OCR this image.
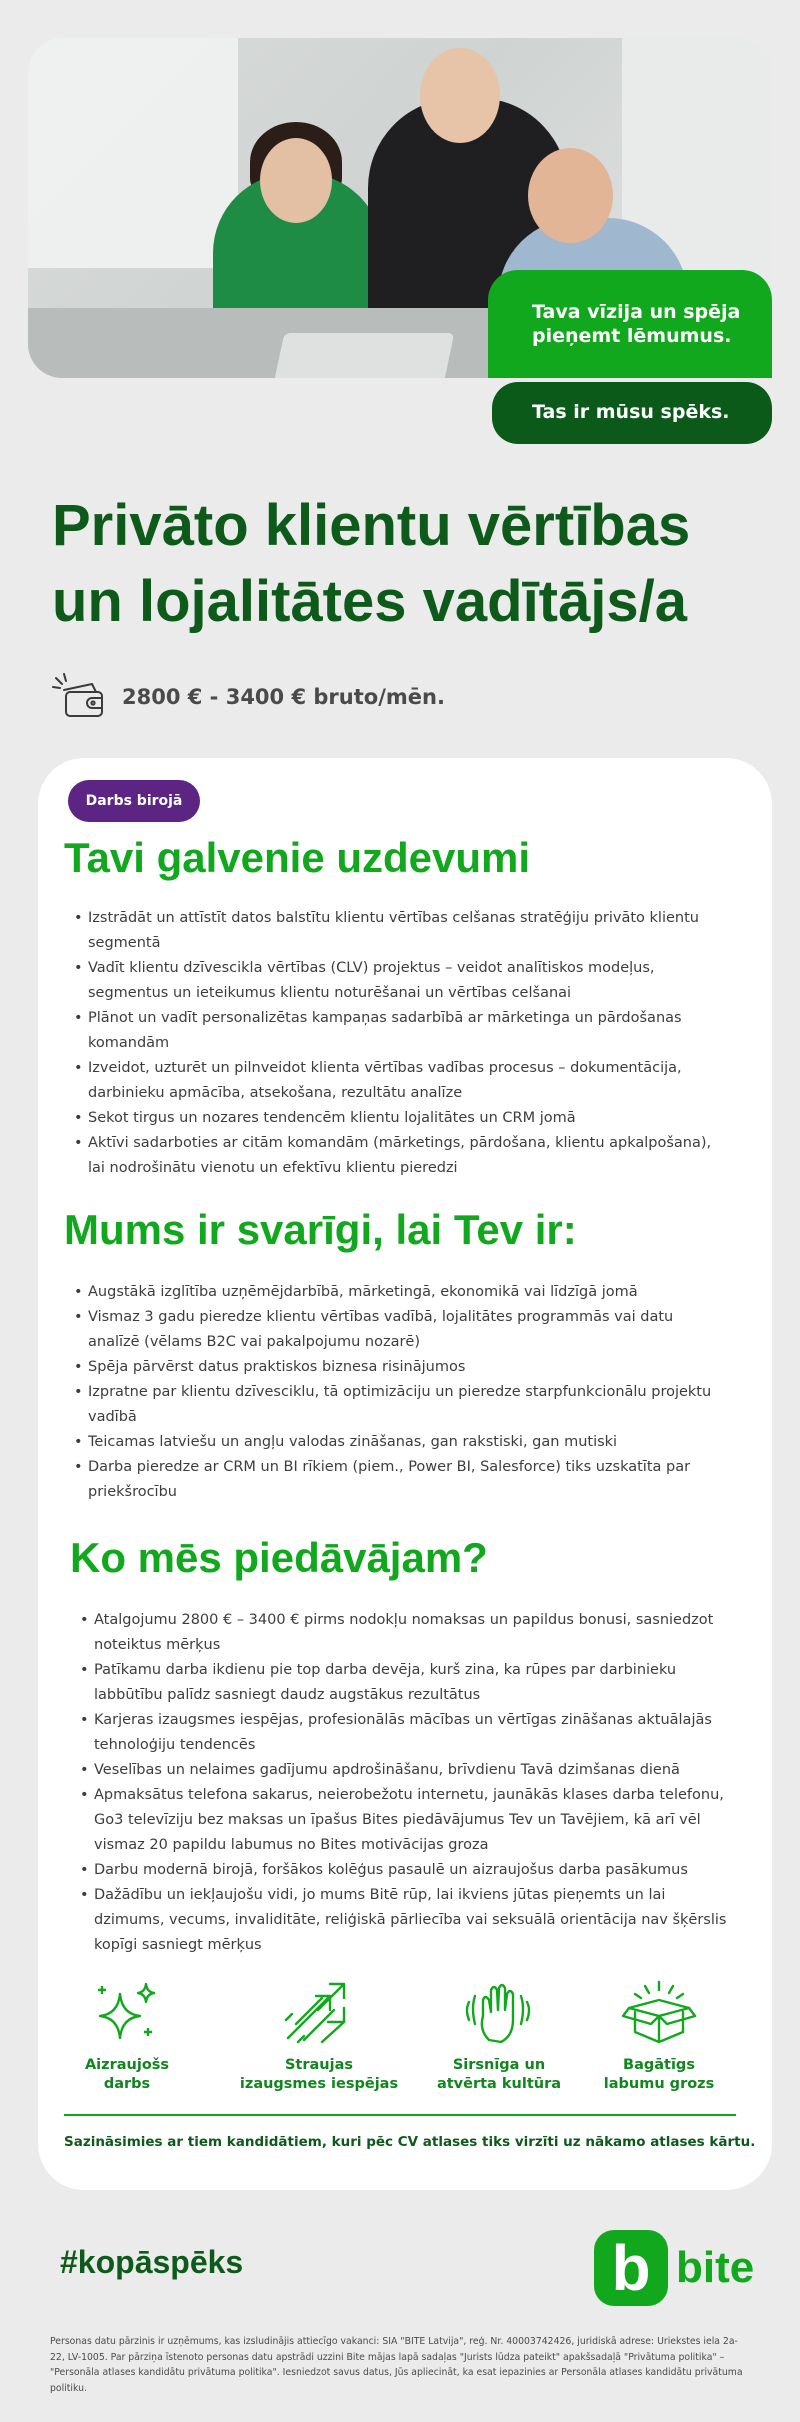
Tava vīzija un spēja pieņemt lēmumus.
Tas ir mūsu spēks.
Privāto klientu vērtības un lojalitātes vadītājs/a
2800 € - 3400 € bruto/mēn.
Darbs birojā
Tavi galvenie uzdevumi
• Izstrādāt un attīstīt datos balstītu klientu vērtības celšanas stratēģiju privāto klientu segmentā
• Vadīt klientu dzīvescikla vērtības (CLV) projektus – veidot analītiskos modeļus, segmentus un ieteikumus klientu noturēšanai un vērtības celšanai
• Plānot un vadīt personalizētas kampaņas sadarbībā ar mārketinga un pārdošanas komandām
• Izveidot, uzturēt un pilnveidot klienta vērtības vadības procesus – dokumentācija, darbinieku apmācība, atsekošana, rezultātu analīze
• Sekot tirgus un nozares tendencēm klientu lojalitātes un CRM jomā
• Aktīvi sadarboties ar citām komandām (mārketings, pārdošana, klientu apkalpošana), lai nodrošinātu vienotu un efektīvu klientu pieredzi
Mums ir svarīgi, lai Tev ir:
• Augstākā izglītība uzņēmējdarbībā, mārketingā, ekonomikā vai līdzīgā jomā
• Vismaz 3 gadu pieredze klientu vērtības vadībā, lojalitātes programmās vai datu analīzē (vēlams B2C vai pakalpojumu nozarē)
• Spēja pārvērst datus praktiskos biznesa risinājumos
• Izpratne par klientu dzīvesciklu, tā optimizāciju un pieredze starpfunkcionālu projektu vadībā
• Teicamas latviešu un angļu valodas zināšanas, gan rakstiski, gan mutiski
• Darba pieredze ar CRM un BI rīkiem (piem., Power BI, Salesforce) tiks uzskatīta par priekšrocību
Ko mēs piedāvājam?
• Atalgojumu 2800 € – 3400 € pirms nodokļu nomaksas un papildus bonusi, sasniedzot noteiktus mērķus
• Patīkamu darba ikdienu pie top darba devēja, kurš zina, ka rūpes par darbinieku labbūtību palīdz sasniegt daudz augstākus rezultātus
• Karjeras izaugsmes iespējas, profesionālās mācības un vērtīgas zināšanas aktuālajās tehnoloģiju tendencēs
• Veselības un nelaimes gadījumu apdrošināšanu, brīvdienu Tavā dzimšanas dienā
• Apmaksātus telefona sakarus, neierobežotu internetu, jaunākās klases darba telefonu, Go3 televīziju bez maksas un īpašus Bites piedāvājumus Tev un Tavējiem, kā arī vēl vismaz 20 papildu labumus no Bites motivācijas groza
• Darbu modernā birojā, foršākos kolēģus pasaulē un aizraujošus darba pasākumus
• Dažādību un iekļaujošu vidi, jo mums Bitē rūp, lai ikviens jūtas pieņemts un lai dzimums, vecums, invaliditāte, reliģiskā pārliecība vai seksuālā orientācija nav šķērslis kopīgi sasniegt mērķus
Aizraujošs
darbs
Straujas
izaugsmes iespējas
Sirsnīga un
atvērta kultūra
Bagātīgs
labumu grozs
Sazināsimies ar tiem kandidātiem, kuri pēc CV atlases tiks virzīti uz nākamo atlases kārtu.
#kopāspēks	b bite
Personas datu pārzinis ir uzņēmums, kas izsludinājis attiecīgo vakanci: SIA "BITE Latvija", reģ. Nr. 40003742426, juridiskā adrese: Uriekstes iela 2a-22, LV-1005. Par pārziņa īstenoto personas datu apstrādi uzzini Bite mājas lapā sadaļas "Jurists lūdza pateikt" apakšsadaļā "Privātuma politika" – "Personāla atlases kandidātu privātuma politika". Iesniedzot savus datus, Jūs apliecināt, ka esat iepazinies ar Personāla atlases kandidātu privātuma politiku.
